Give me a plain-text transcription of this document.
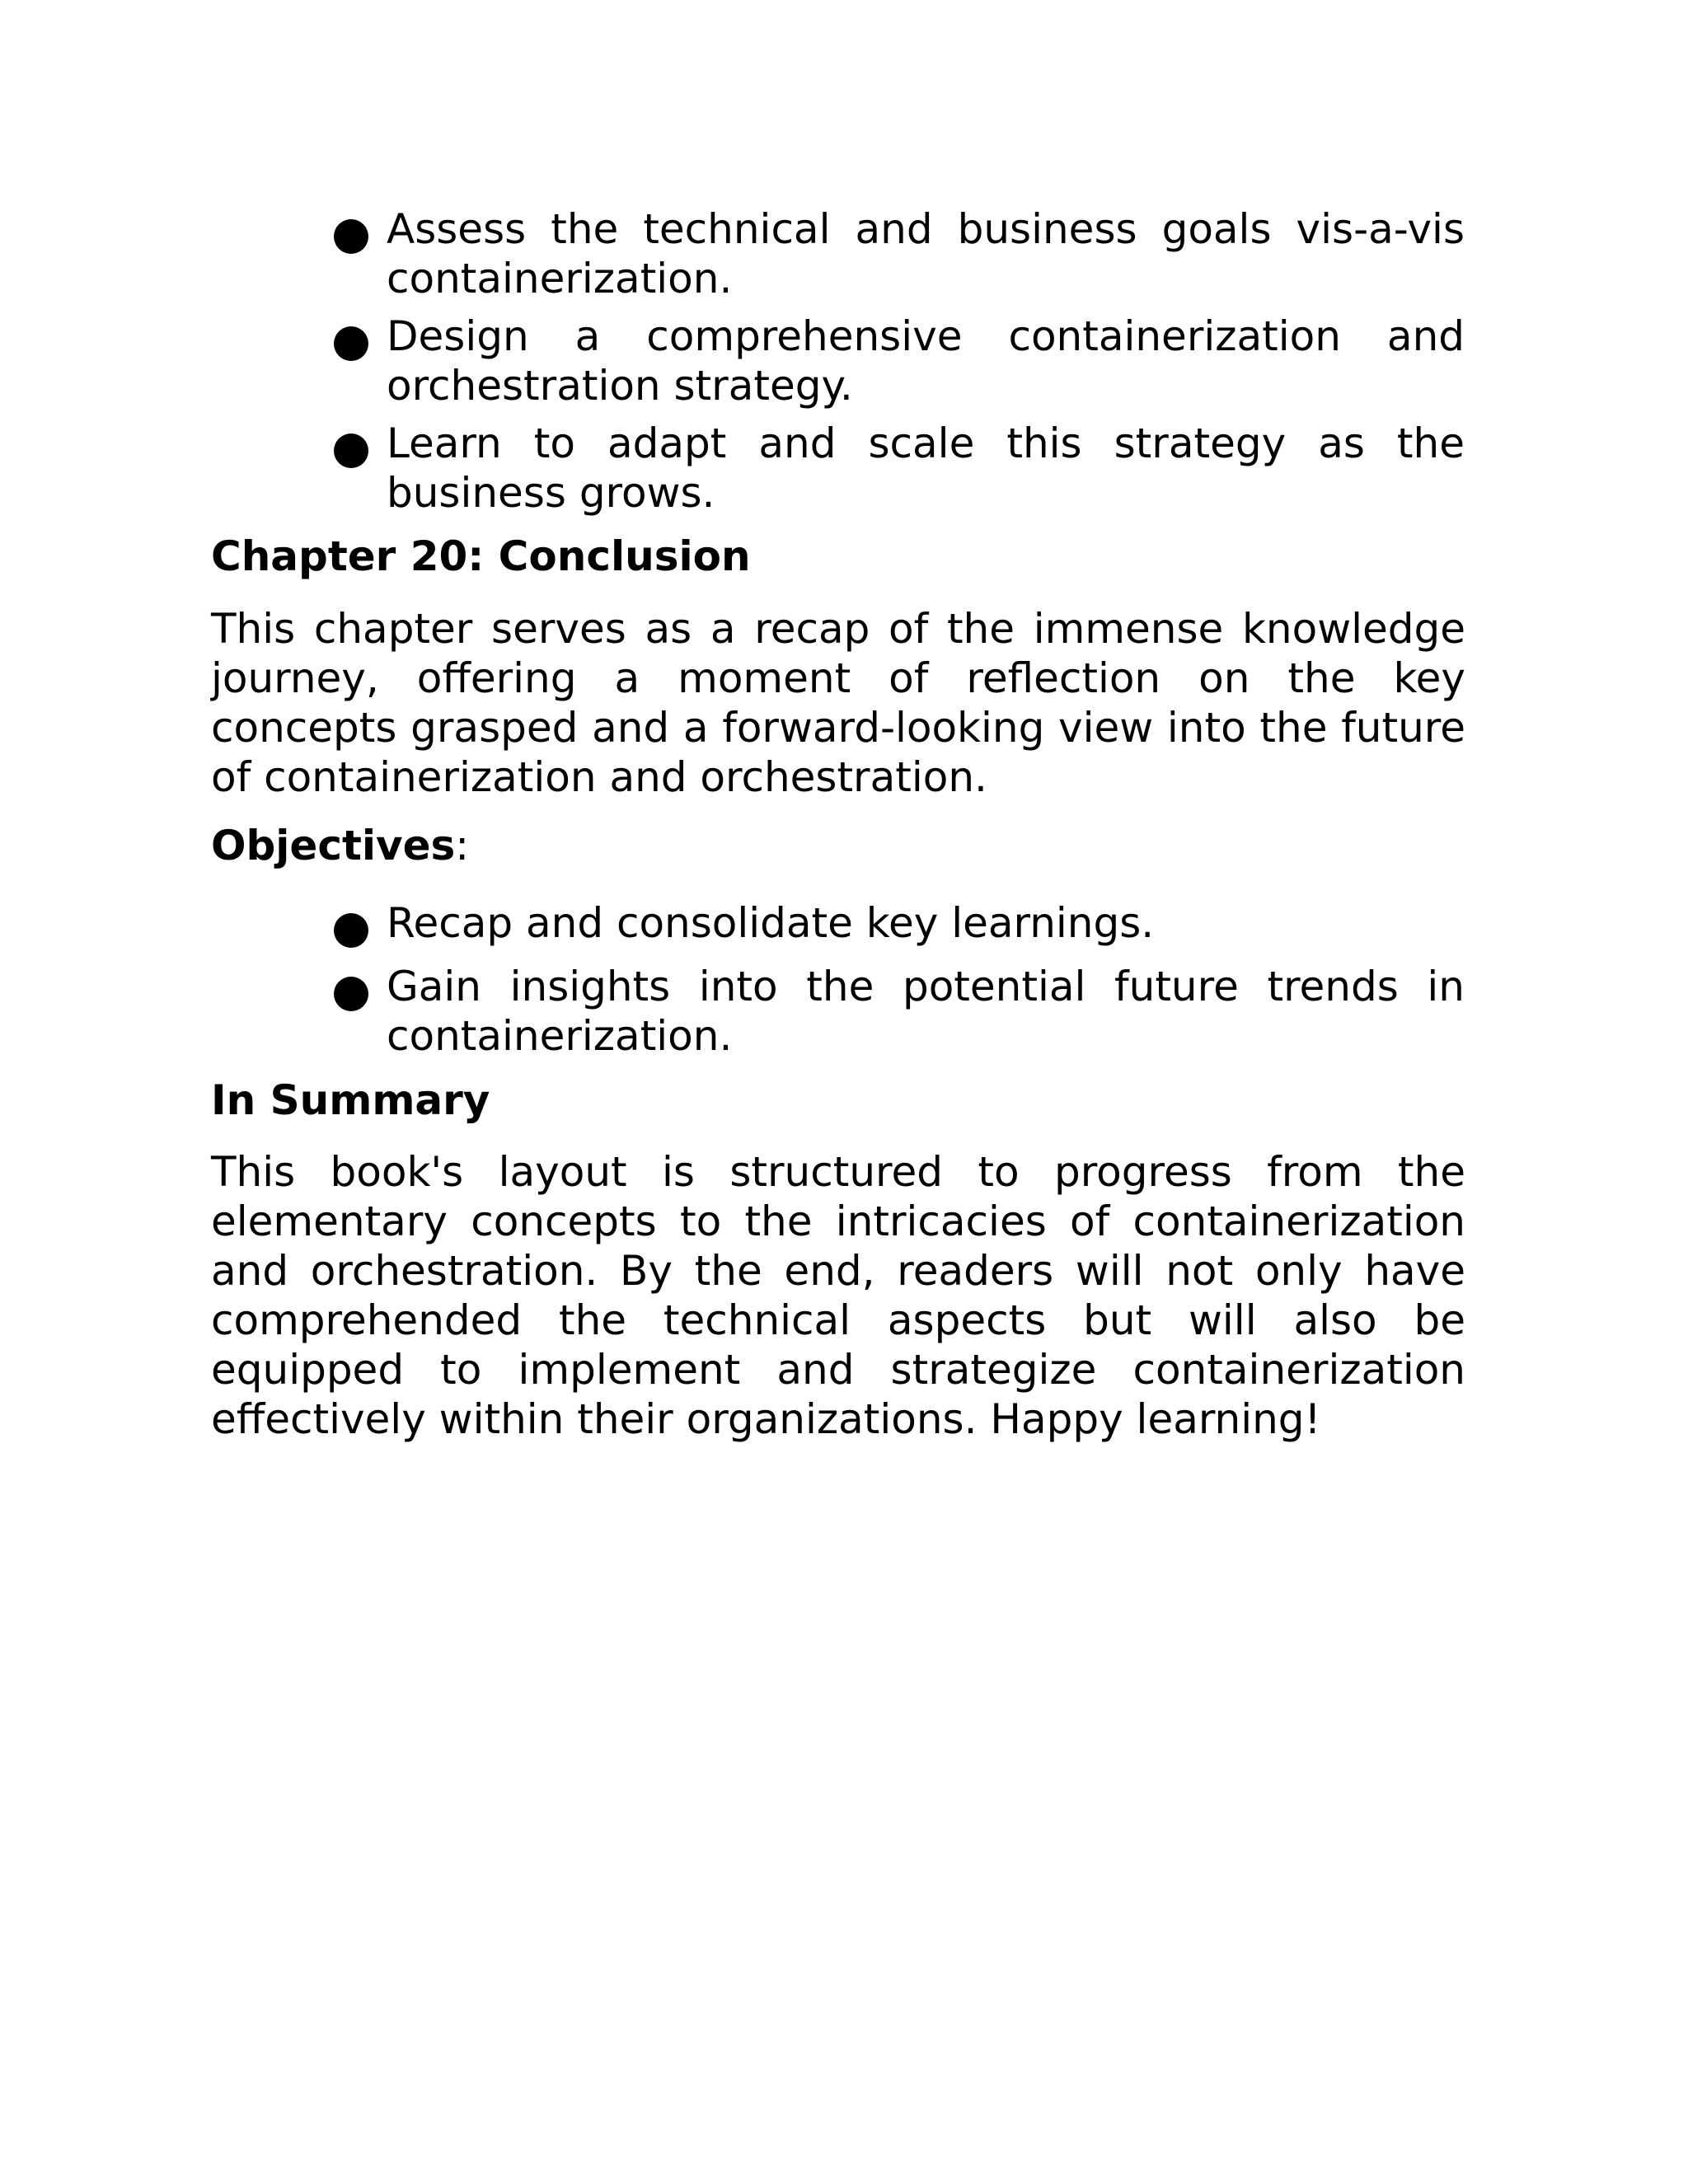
Assess the technical and business goals vis-a-vis containerization.
Design a comprehensive containerization and orchestration strategy.
Learn to adapt and scale this strategy as the business grows.
Chapter 20: Conclusion
This chapter serves as a recap of the immense knowledge journey, offering a moment of reflection on the key concepts grasped and a forward-looking view into the future of containerization and orchestration.
Objectives:
Recap and consolidate key learnings.
Gain insights into the potential future trends in containerization.
In Summary
This book's layout is structured to progress from the elementary concepts to the intricacies of containerization and orchestration. By the end, readers will not only have comprehended the technical aspects but will also be equipped to implement and strategize containerization effectively within their organizations. Happy learning!
